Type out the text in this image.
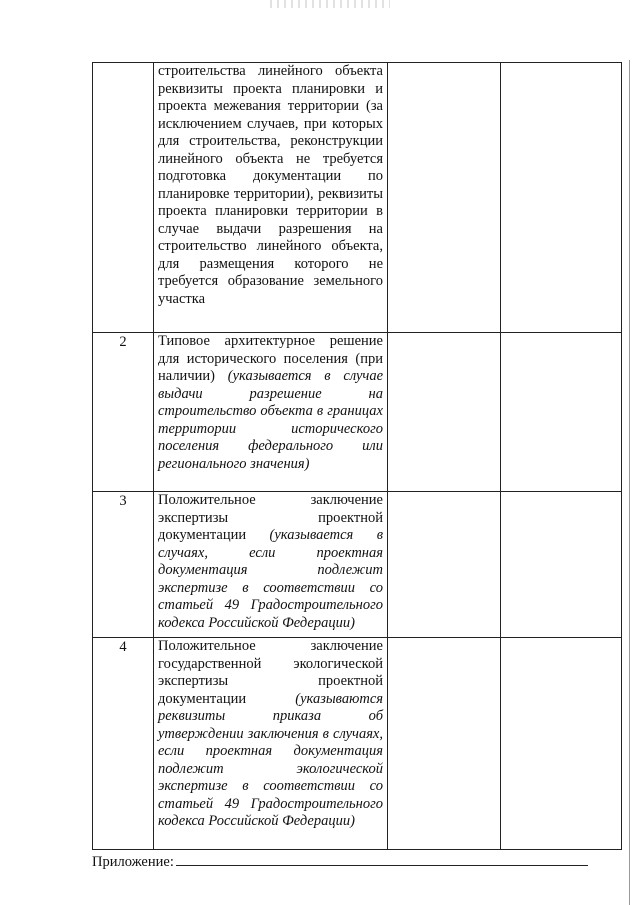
	строительства линейного объекта реквизиты проекта планировки и проекта межевания территории (за исключением случаев, при которых для строительства, реконструкции линейного объекта не требуется подготовка документации по планировке территории), реквизиты проекта планировки территории в случае выдачи разрешения на строительство линейного объекта, для размещения которого не требуется образование земельного участка		

2	Типовое архитектурное решение для исторического поселения (при наличии) (указывается в случае выдачи разрешение на строительство объекта в границах территории исторического поселения федерального или регионального значения)		

3	Положительное заключение экспертизы проектной документации (указывается в случаях, если проектная документация подлежит экспертизе в соответствии со статьей 49 Градостроительного кодекса Российской Федерации)		

4	Положительное заключение государственной экологической экспертизы проектной документации (указываются реквизиты приказа об утверждении заключения в случаях, если проектная документация подлежит экологической экспертизе в соответствии со статьей 49 Градостроительного кодекса Российской Федерации)		

Приложение:
